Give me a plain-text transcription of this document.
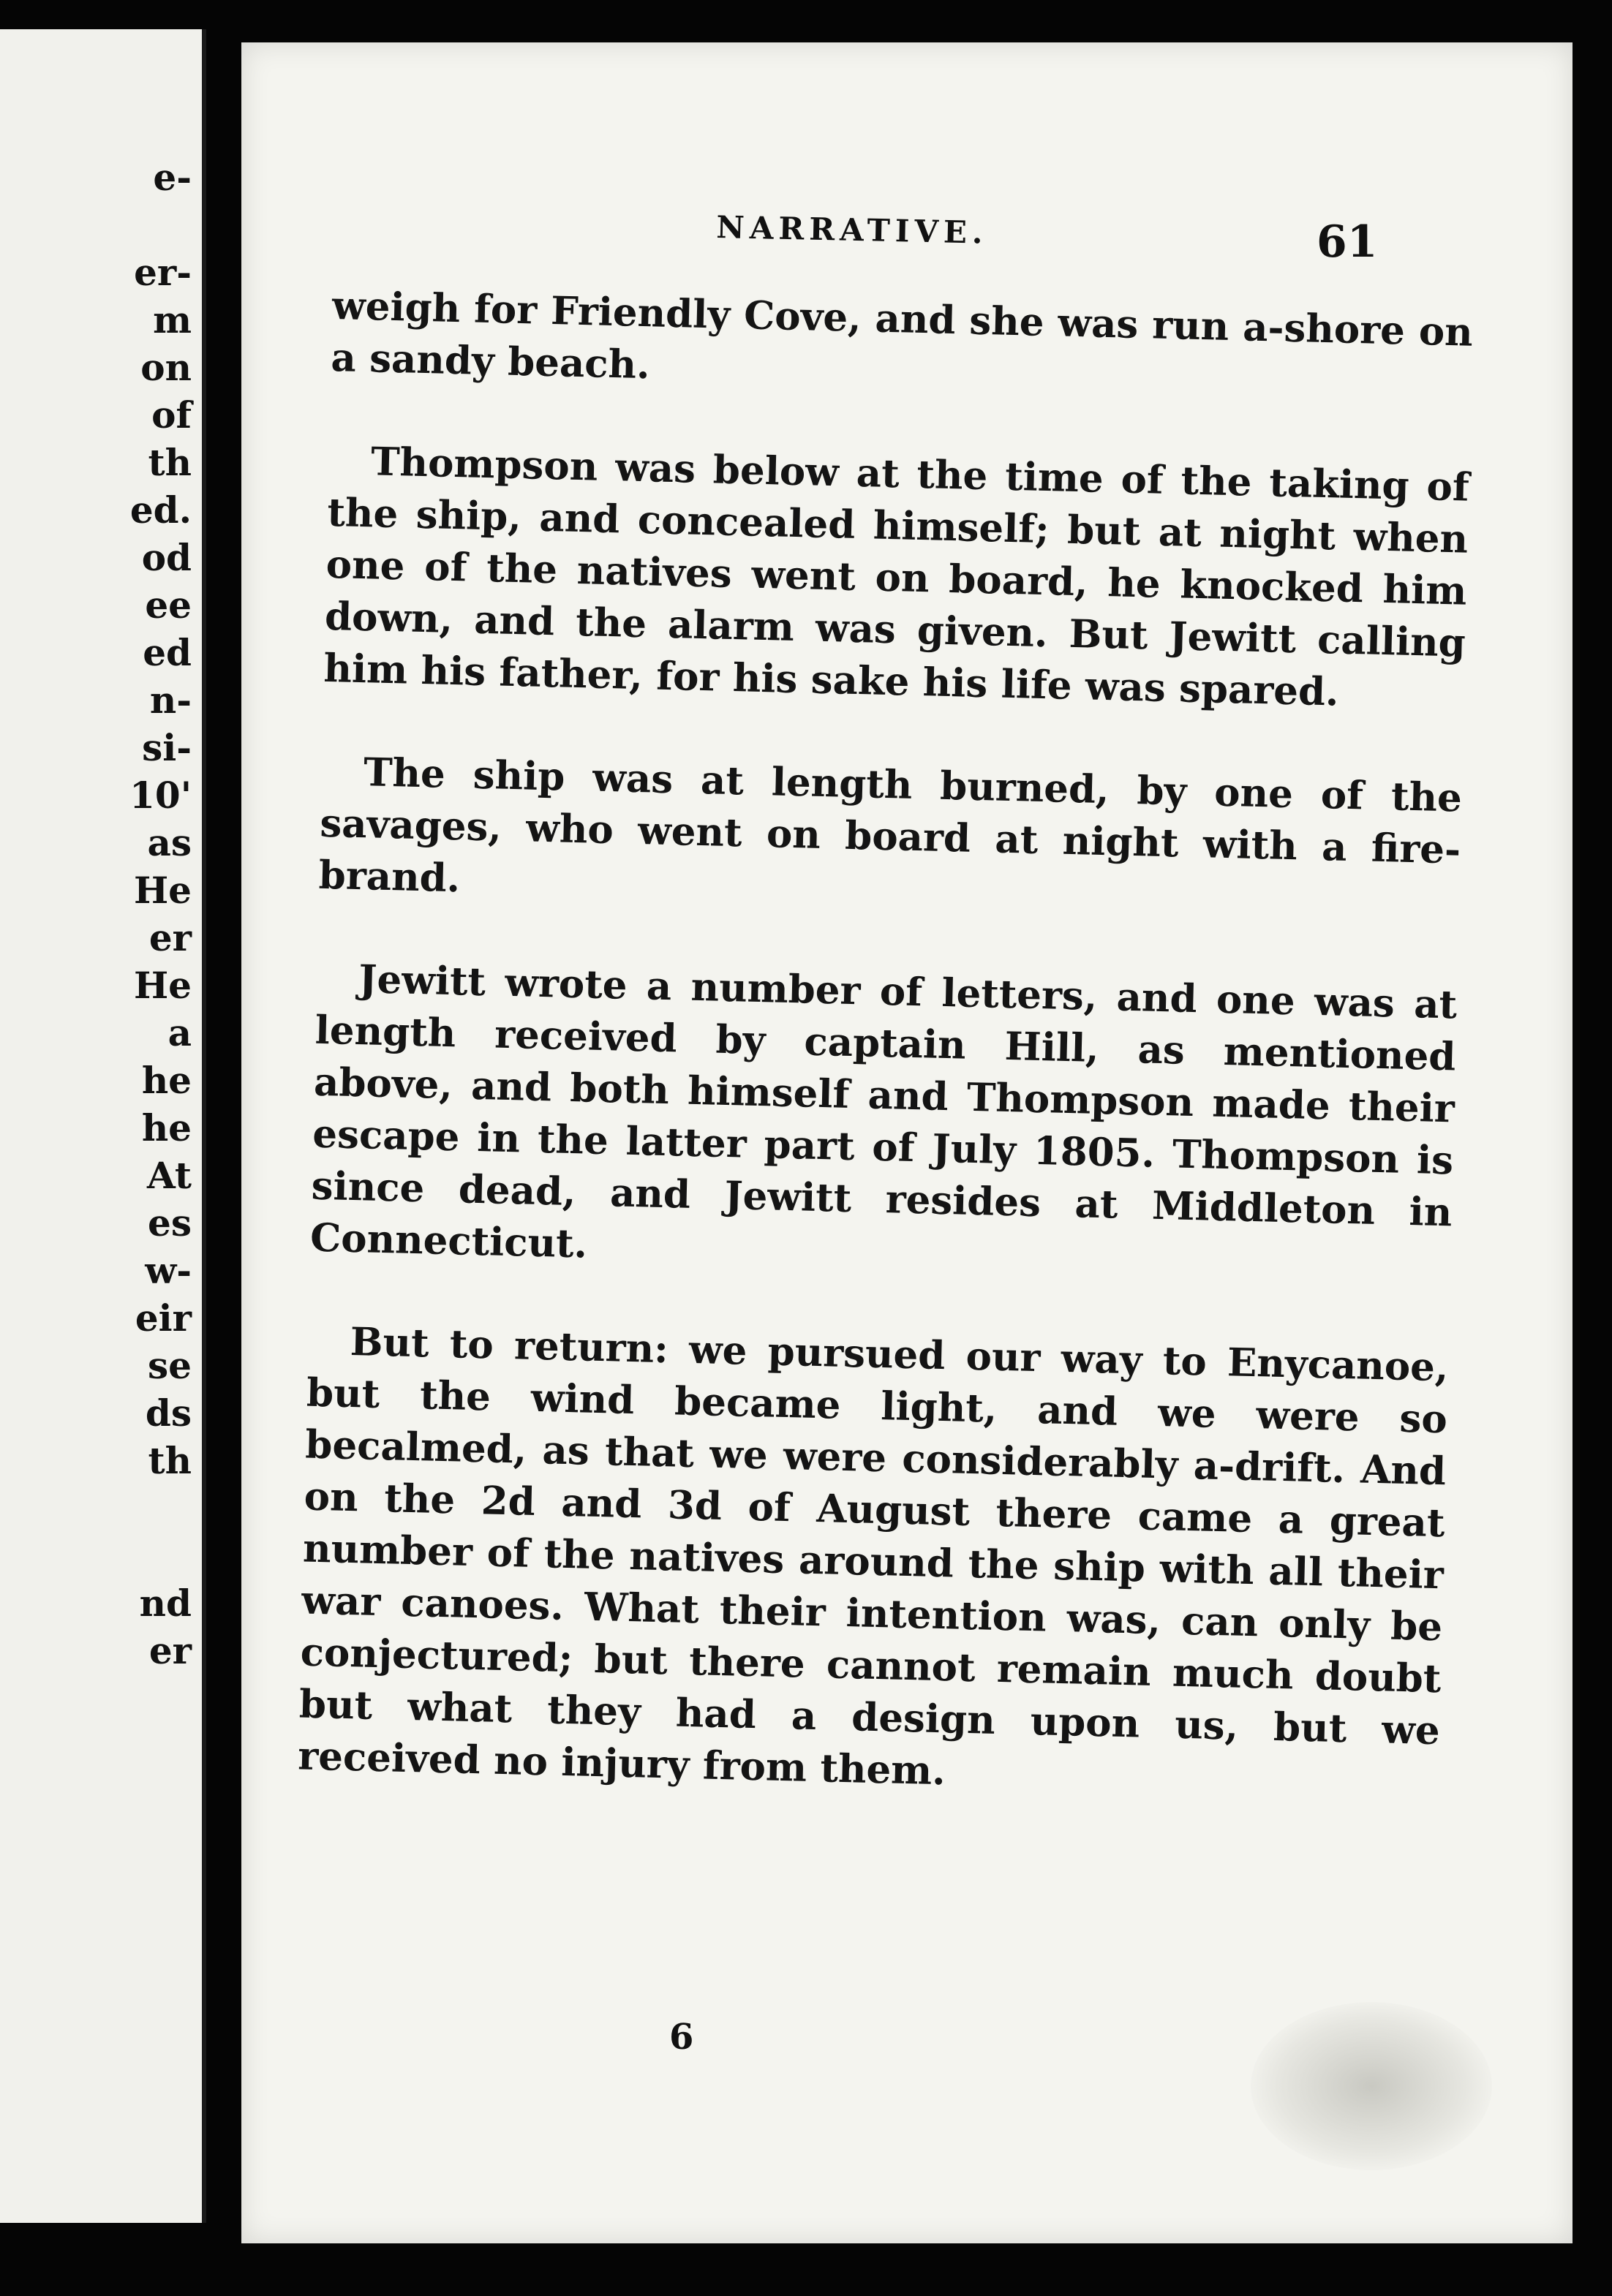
e-
er-
m
on
of
th
ed.
od
ee
ed
n-
si-
10'
as
He
er
He
a
he
he
At
es
w-
eir
se
ds
th
nd
er
NARRATIVE.	61

weigh for Friendly Cove, and she was run a-shore on a sandy beach.

Thompson was below at the time of the taking of the ship, and concealed himself; but at night when one of the natives went on board, he knocked him down, and the alarm was given. But Jewitt calling him his father, for his sake his life was spared.

The ship was at length burned, by one of the savages, who went on board at night with a fire-brand.

Jewitt wrote a number of letters, and one was at length received by captain Hill, as mentioned above, and both himself and Thompson made their escape in the latter part of July 1805. Thompson is since dead, and Jewitt resides at Middleton in Connecticut.

But to return: we pursued our way to Enycanoe, but the wind became light, and we were so becalmed, as that we were considerably a-drift. And on the 2d and 3d of August there came a great number of the natives around the ship with all their war canoes. What their intention was, can only be conjectured; but there cannot remain much doubt but what they had a design upon us, but we received no injury from them.

6
